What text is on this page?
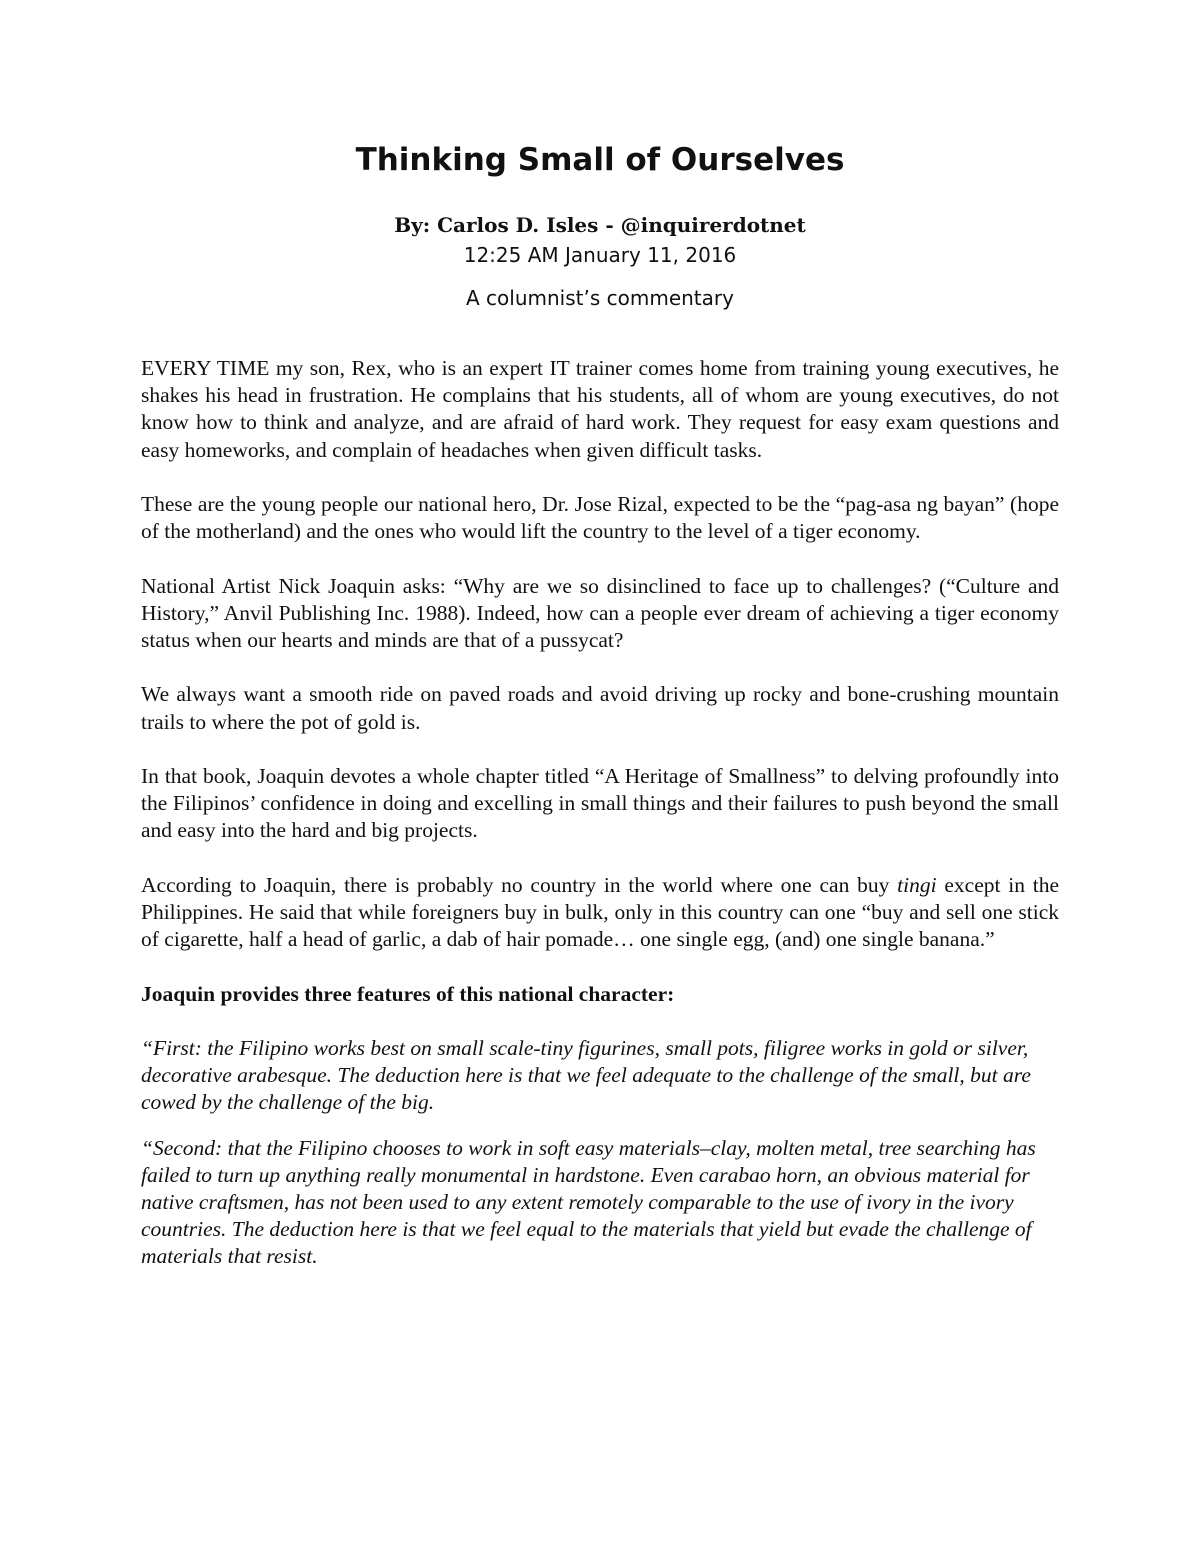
Thinking Small of Ourselves
By: Carlos D. Isles - @inquirerdotnet
12:25 AM January 11, 2016
A columnist’s commentary

EVERY TIME my son, Rex, who is an expert IT trainer comes home from training young executives, he shakes his head in frustration. He complains that his students, all of whom are young executives, do not know how to think and analyze, and are afraid of hard work. They request for easy exam questions and easy homeworks, and complain of headaches when given difficult tasks.

These are the young people our national hero, Dr. Jose Rizal, expected to be the “pag-asa ng bayan” (hope of the motherland) and the ones who would lift the country to the level of a tiger economy.

National Artist Nick Joaquin asks: “Why are we so disinclined to face up to challenges? (“Culture and History,” Anvil Publishing Inc. 1988). Indeed, how can a people ever dream of achieving a tiger economy status when our hearts and minds are that of a pussycat?

We always want a smooth ride on paved roads and avoid driving up rocky and bone-crushing mountain trails to where the pot of gold is.

In that book, Joaquin devotes a whole chapter titled “A Heritage of Smallness” to delving profoundly into the Filipinos’ confidence in doing and excelling in small things and their failures to push beyond the small and easy into the hard and big projects.

According to Joaquin, there is probably no country in the world where one can buy tingi except in the Philippines. He said that while foreigners buy in bulk, only in this country can one “buy and sell one stick of cigarette, half a head of garlic, a dab of hair pomade… one single egg, (and) one single banana.”

Joaquin provides three features of this national character:

“First: the Filipino works best on small scale-tiny figurines, small pots, filigree works in gold or silver, decorative arabesque. The deduction here is that we feel adequate to the challenge of the small, but are cowed by the challenge of the big.

“Second: that the Filipino chooses to work in soft easy materials–clay, molten metal, tree searching has failed to turn up anything really monumental in hardstone. Even carabao horn, an obvious material for native craftsmen, has not been used to any extent remotely comparable to the use of ivory in the ivory countries. The deduction here is that we feel equal to the materials that yield but evade the challenge of materials that resist.
